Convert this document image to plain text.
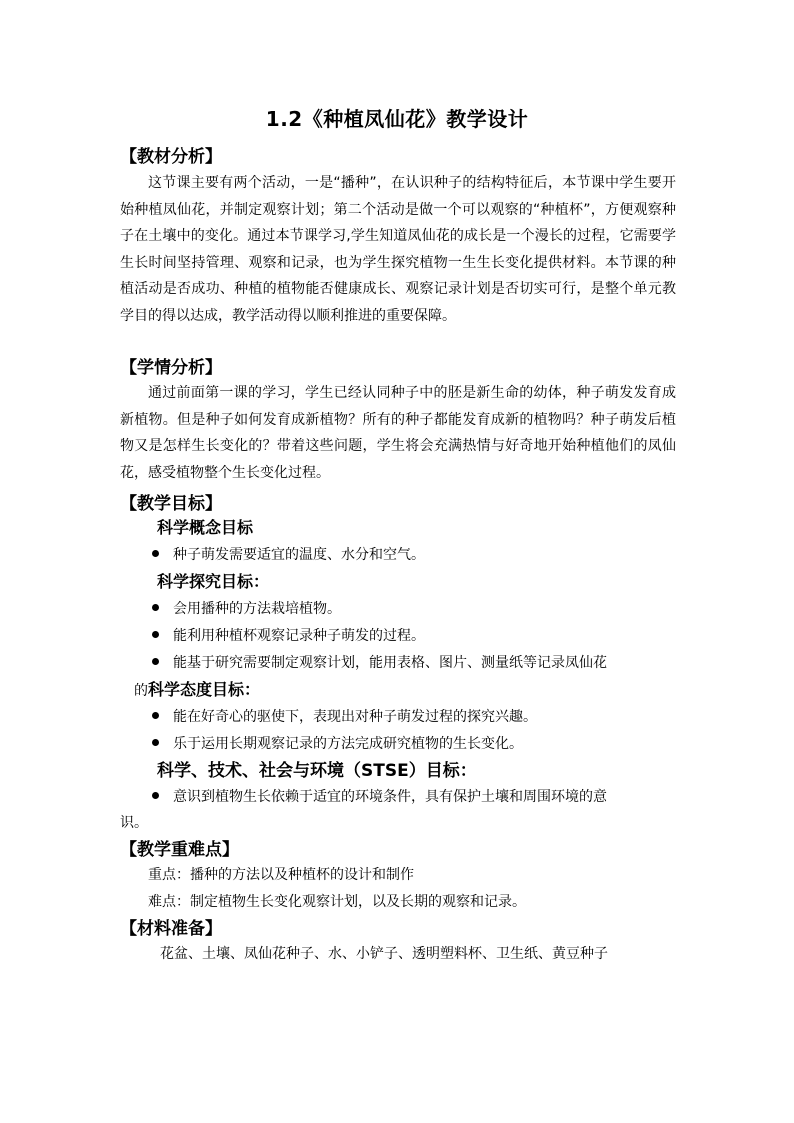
1.2《种植凤仙花》教学设计
【教材分析】

这节课主要有两个活动，一是“播种”，在认识种子的结构特征后，本节课中学生要开始种植凤仙花，并制定观察计划；第二个活动是做一个可以观察的“种植杯”，方便观察种子在土壤中的变化。通过本节课学习,学生知道凤仙花的成长是一个漫长的过程，它需要学生长时间坚持管理、观察和记录，也为学生探究植物一生生长变化提供材料。本节课的种植活动是否成功、种植的植物能否健康成长、观察记录计划是否切实可行，是整个单元教学目的得以达成，教学活动得以顺利推进的重要保障。

【学情分析】

通过前面第一课的学习，学生已经认同种子中的胚是新生命的幼体，种子萌发发育成新植物。但是种子如何发育成新植物？所有的种子都能发育成新的植物吗？种子萌发后植物又是怎样生长变化的？带着这些问题，学生将会充满热情与好奇地开始种植他们的凤仙花，感受植物整个生长变化过程。

【教学目标】
科学概念目标
种子萌发需要适宜的温度、水分和空气。
科学探究目标：
会用播种的方法栽培植物。
能利用种植杯观察记录种子萌发的过程。
能基于研究需要制定观察计划，能用表格、图片、测量纸等记录凤仙花
的科学态度目标：
能在好奇心的驱使下，表现出对种子萌发过程的探究兴趣。
乐于运用长期观察记录的方法完成研究植物的生长变化。
科学、技术、社会与环境（STSE）目标：
意识到植物生长依赖于适宜的环境条件，具有保护土壤和周围环境的意
识。
【教学重难点】
重点：播种的方法以及种植杯的设计和制作
难点：制定植物生长变化观察计划，以及长期的观察和记录。
【材料准备】
花盆、土壤、凤仙花种子、水、小铲子、透明塑料杯、卫生纸、黄豆种子
